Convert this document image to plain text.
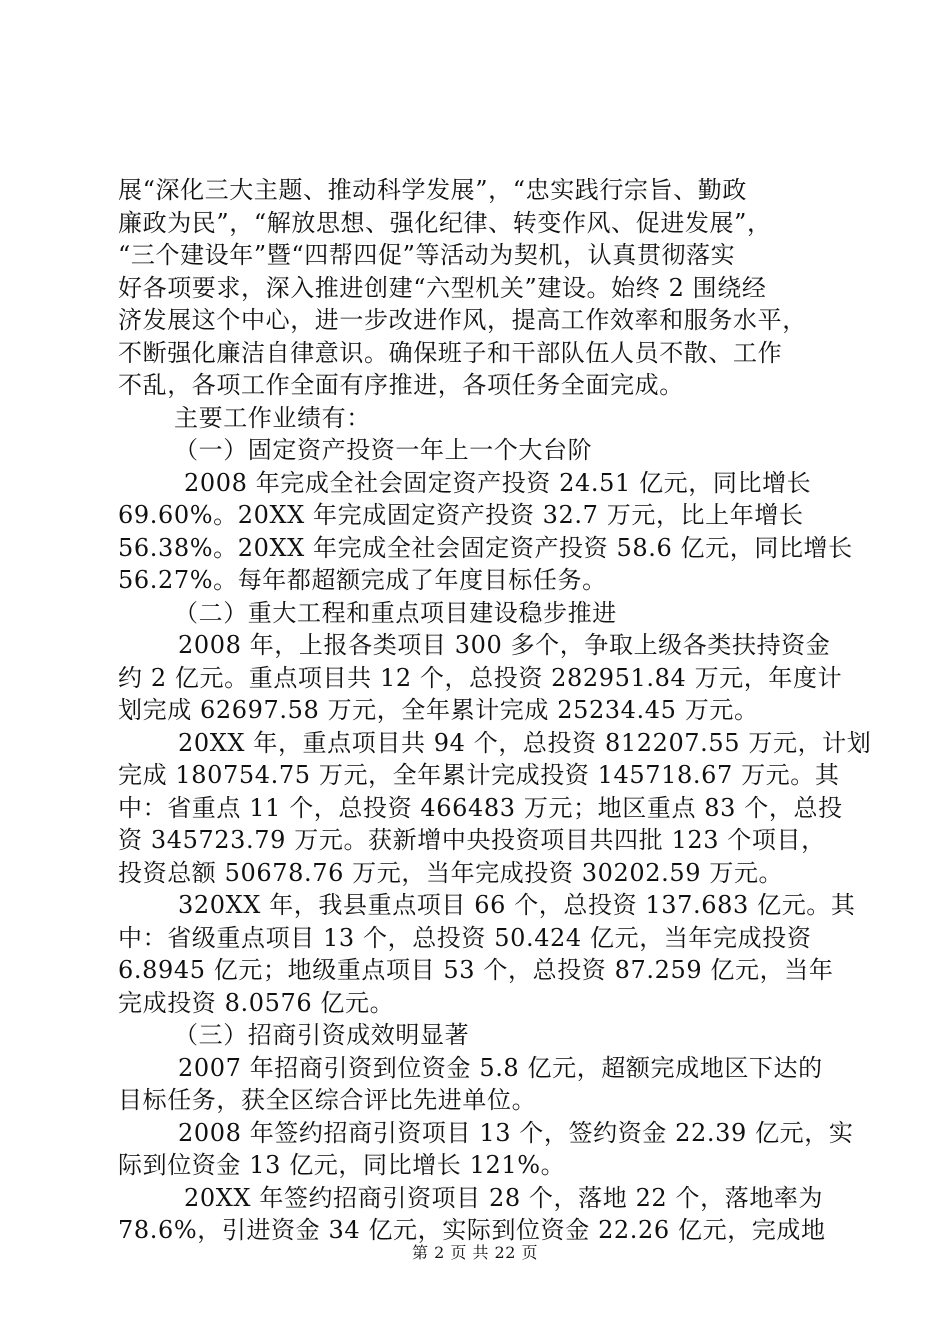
展“深化三大主题、推动科学发展”，“忠实践行宗旨、勤政
廉政为民”，“解放思想、强化纪律、转变作风、促进发展”，
“三个建设年”暨“四帮四促”等活动为契机，认真贯彻落实
好各项要求，深入推进创建“六型机关”建设。始终 2 围绕经
济发展这个中心，进一步改进作风，提高工作效率和服务水平，
不断强化廉洁自律意识。确保班子和干部队伍人员不散、工作
不乱，各项工作全面有序推进，各项任务全面完成。
主要工作业绩有：
（一）固定资产投资一年上一个大台阶
2008 年完成全社会固定资产投资 24.51 亿元，同比增长
69.60%。20XX 年完成固定资产投资 32.7 万元，比上年增长
56.38%。20XX 年完成全社会固定资产投资 58.6 亿元，同比增长
56.27%。每年都超额完成了年度目标任务。
（二）重大工程和重点项目建设稳步推进
2008 年，上报各类项目 300 多个，争取上级各类扶持资金
约 2 亿元。重点项目共 12 个，总投资 282951.84 万元，年度计
划完成 62697.58 万元，全年累计完成 25234.45 万元。
20XX 年，重点项目共 94 个，总投资 812207.55 万元，计划
完成 180754.75 万元，全年累计完成投资 145718.67 万元。其
中：省重点 11 个，总投资 466483 万元；地区重点 83 个，总投
资 345723.79 万元。获新增中央投资项目共四批 123 个项目，
投资总额 50678.76 万元，当年完成投资 30202.59 万元。
320XX 年，我县重点项目 66 个，总投资 137.683 亿元。其
中：省级重点项目 13 个，总投资 50.424 亿元，当年完成投资
6.8945 亿元；地级重点项目 53 个，总投资 87.259 亿元，当年
完成投资 8.0576 亿元。
（三）招商引资成效明显著
2007 年招商引资到位资金 5.8 亿元，超额完成地区下达的
目标任务，获全区综合评比先进单位。
2008 年签约招商引资项目 13 个，签约资金 22.39 亿元，实
际到位资金 13 亿元，同比增长 121%。
20XX 年签约招商引资项目 28 个，落地 22 个，落地率为
78.6%，引进资金 34 亿元，实际到位资金 22.26 亿元，完成地
第 2 页 共 22 页
